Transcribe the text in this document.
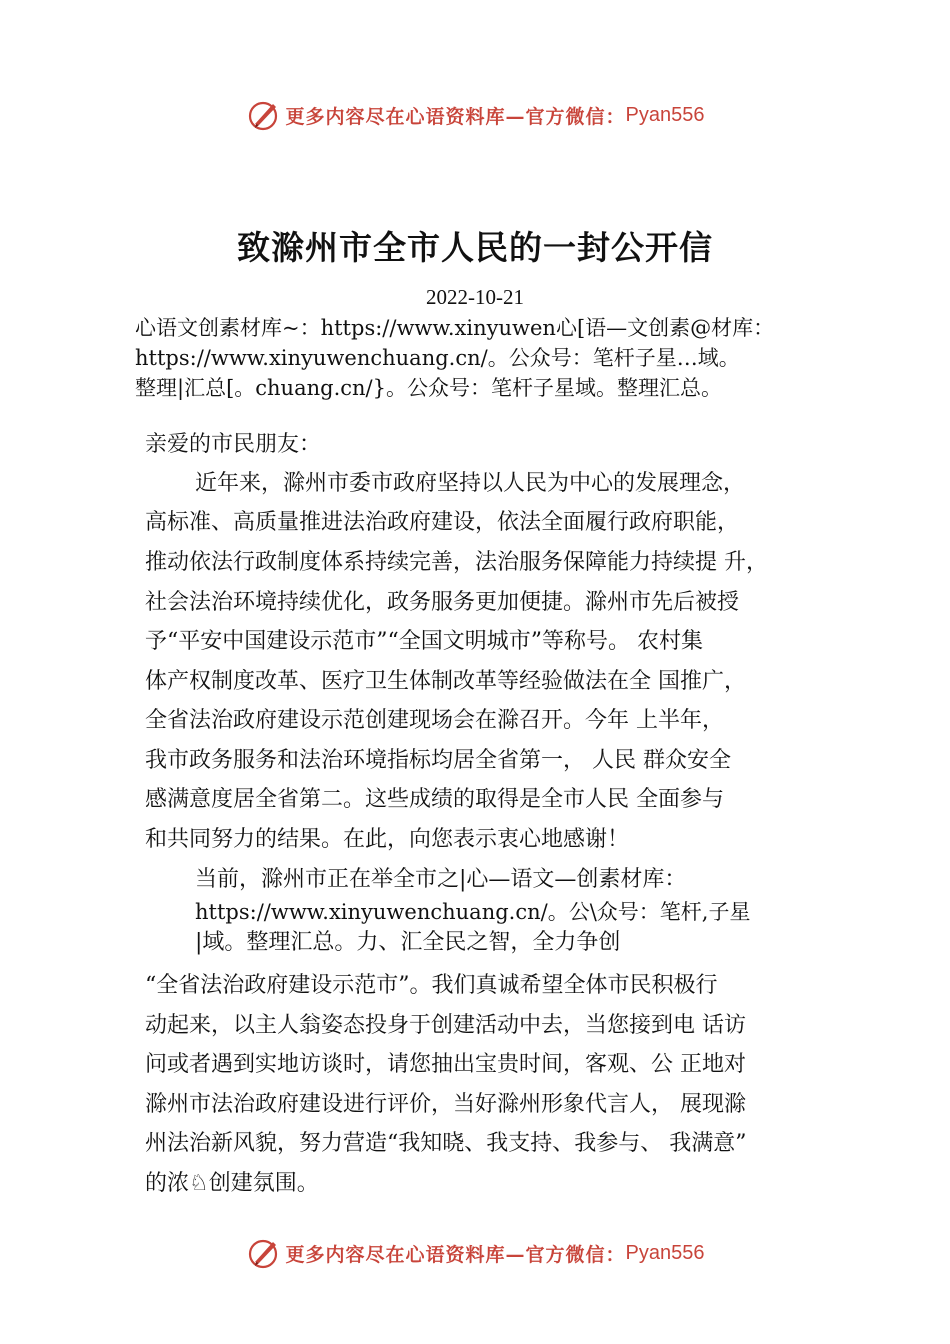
更多内容尽在心语资料库—官方微信： Pyan556
致滁州市全市人民的一封公开信
2022-10-21
心语文创素材库~：https://www.xinyuwen心[语—文创素@材库：
https://www.xinyuwenchuang.cn/。公众号：笔杆子星…域。
整理|汇总[。chuang.cn/}。公众号：笔杆子星域。整理汇总。
亲爱的市民朋友：
近年来，滁州市委市政府坚持以人民为中心的发展理念，
高标准、高质量推进法治政府建设，依法全面履行政府职能，
推动依法行政制度体系持续完善，法治服务保障能力持续提 升，
社会法治环境持续优化，政务服务更加便捷。滁州市先后被授
予“平安中国建设示范市”“全国文明城市”等称号。 农村集
体产权制度改革、医疗卫生体制改革等经验做法在全 国推广，
全省法治政府建设示范创建现场会在滁召开。今年 上半年，
我市政务服务和法治环境指标均居全省第一， 人民 群众安全
感满意度居全省第二。这些成绩的取得是全市人民 全面参与
和共同努力的结果。在此，向您表示衷心地感谢！
当前，滁州市正在举全市之|心—语文—创素材库：
https://www.xinyuwenchuang.cn/。公\众号：笔杆,子星
|域。整理汇总。力、汇全民之智，全力争创
“全省法治政府建设示范市”。我们真诚希望全体市民积极行
动起来，以主人翁姿态投身于创建活动中去，当您接到电 话访
问或者遇到实地访谈时，请您抽出宝贵时间，客观、公 正地对
滁州市法治政府建设进行评价，当好滁州形象代言人， 展现滁
州法治新风貌，努力营造“我知晓、我支持、我参与、 我满意”
的浓♘创建氛围。
更多内容尽在心语资料库—官方微信： Pyan556
